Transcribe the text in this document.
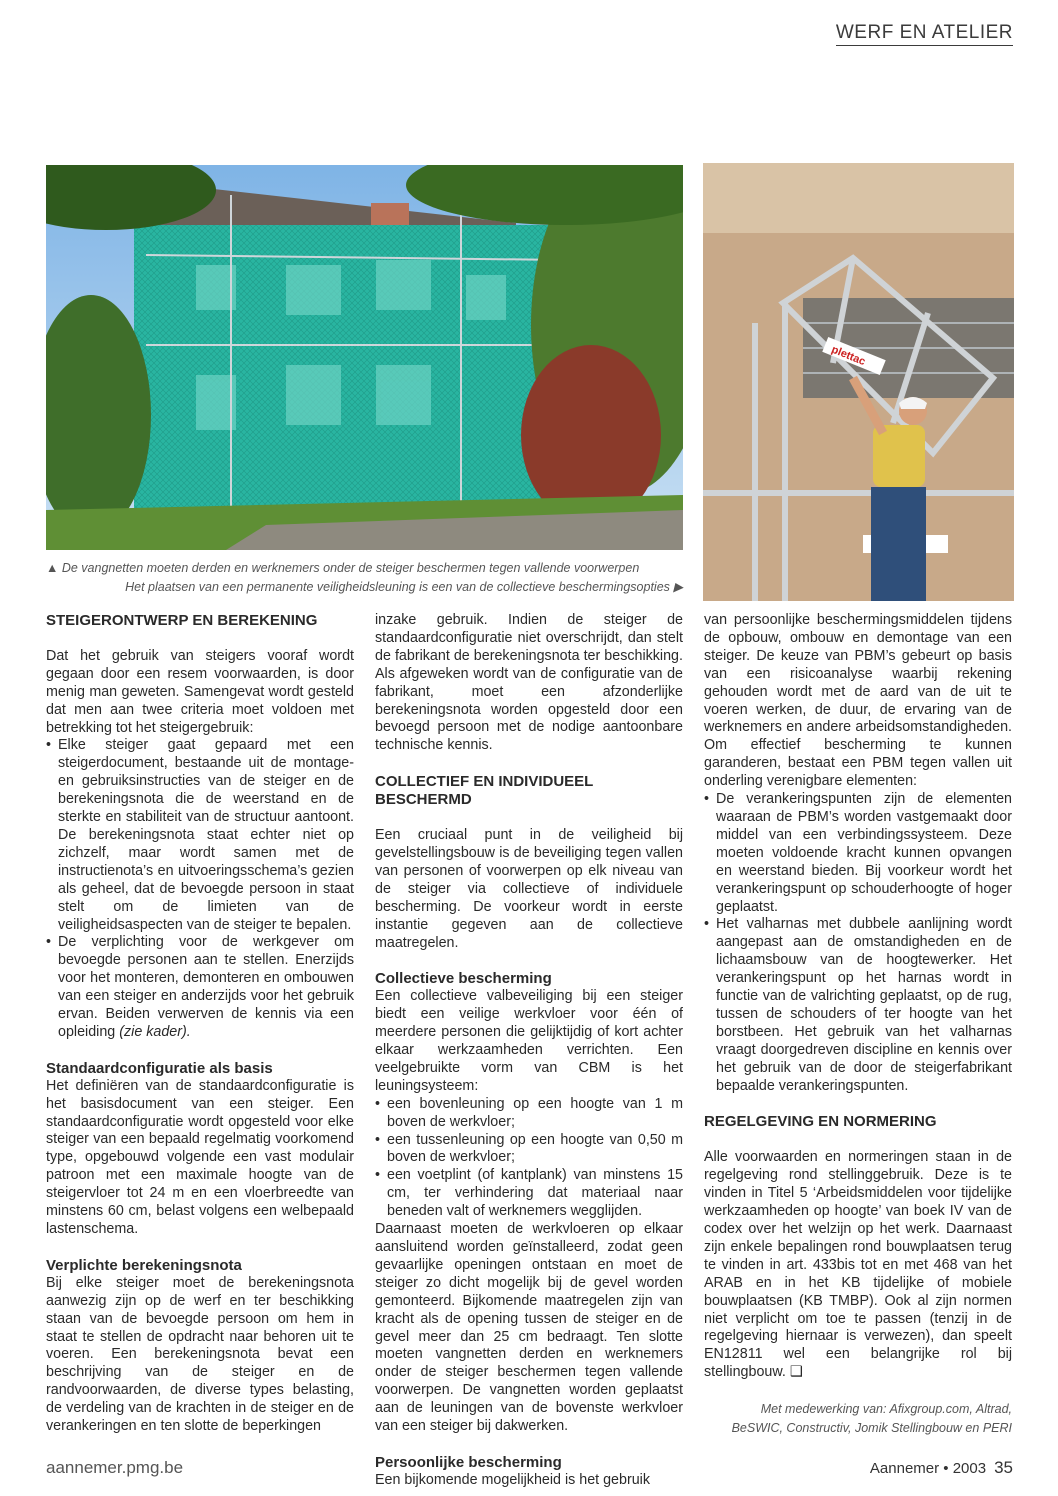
WERF EN ATELIER
plettac
▲ De vangnetten moeten derden en werknemers onder de steiger beschermen tegen vallende voorwerpen
Het plaatsen van een permanente veiligheidsleuning is een van de collectieve beschermingsopties ▶
STEIGERONTWERP EN BEREKENING

Dat het gebruik van steigers vooraf wordt gegaan door een resem voorwaarden, is door menig man geweten. Samengevat wordt gesteld dat men aan twee criteria moet voldoen met betrekking tot het steigergebruik:

• Elke steiger gaat gepaard met een steigerdocument, bestaande uit de montage- en gebruiksinstructies van de steiger en de berekeningsnota die de weerstand en de sterkte en stabiliteit van de structuur aantoont. De berekeningsnota staat echter niet op zichzelf, maar wordt samen met de instructienota’s en uitvoeringsschema’s gezien als geheel, dat de bevoegde persoon in staat stelt om de limieten van de veiligheidsaspecten van de steiger te bepalen.
• De verplichting voor de werkgever om bevoegde personen aan te stellen. Enerzijds voor het monteren, demonteren en ombouwen van een steiger en anderzijds voor het gebruik ervan. Beiden verwerven de kennis via een opleiding (zie kader).
Standaardconfiguratie als basis

Het definiëren van de standaardconfiguratie is het basisdocument van een steiger. Een standaardconfiguratie wordt opgesteld voor elke steiger van een bepaald regelmatig voorkomend type, opgebouwd volgende een vast modulair patroon met een maximale hoogte van de steigervloer tot 24 m en een vloerbreedte van minstens 60 cm, belast volgens een welbepaald lastenschema.

Verplichte berekeningsnota

Bij elke steiger moet de berekeningsnota aanwezig zijn op de werf en ter beschikking staan van de bevoegde persoon om hem in staat te stellen de opdracht naar behoren uit te voeren. Een berekeningsnota bevat een beschrijving van de steiger en de randvoorwaarden, de diverse types belasting, de verdeling van de krachten in de steiger en de verankeringen en ten slotte de beperkingen

inzake gebruik. Indien de steiger de standaardconfiguratie niet overschrijdt, dan stelt de fabrikant de berekeningsnota ter beschikking. Als afgeweken wordt van de configuratie van de fabrikant, moet een afzonderlijke berekeningsnota worden opgesteld door een bevoegd persoon met de nodige aantoonbare technische kennis.

COLLECTIEF EN INDIVIDUEEL BESCHERMD

Een cruciaal punt in de veiligheid bij gevelstellingsbouw is de beveiliging tegen vallen van personen of voorwerpen op elk niveau van de steiger via collectieve of individuele bescherming. De voorkeur wordt in eerste instantie gegeven aan de collectieve maatregelen.

Collectieve bescherming

Een collectieve valbeveiliging bij een steiger biedt een veilige werkvloer voor één of meerdere personen die gelijktijdig of kort achter elkaar werkzaamheden verrichten. Een veelgebruikte vorm van CBM is het leuningsysteem:

• een bovenleuning op een hoogte van 1 m boven de werkvloer;
• een tussenleuning op een hoogte van 0,50 m boven de werkvloer;
• een voetplint (of kantplank) van minstens 15 cm, ter verhindering dat materiaal naar beneden valt of werknemers wegglijden.

Daarnaast moeten de werkvloeren op elkaar aansluitend worden geïnstalleerd, zodat geen gevaarlijke openingen ontstaan en moet de steiger zo dicht mogelijk bij de gevel worden gemonteerd. Bijkomende maatregelen zijn van kracht als de opening tussen de steiger en de gevel meer dan 25 cm bedraagt. Ten slotte moeten vangnetten derden en werknemers onder de steiger beschermen tegen vallende voorwerpen. De vangnetten worden geplaatst aan de leuningen van de bovenste werkvloer van een steiger bij dakwerken.

Persoonlijke bescherming

Een bijkomende mogelijkheid is het gebruik

van persoonlijke beschermingsmiddelen tijdens de opbouw, ombouw en demontage van een steiger. De keuze van PBM’s gebeurt op basis van een risicoanalyse waarbij rekening gehouden wordt met de aard van de uit te voeren werken, de duur, de ervaring van de werknemers en andere arbeidsomstandigheden. Om effectief bescherming te kunnen garanderen, bestaat een PBM tegen vallen uit onderling verenigbare elementen:

• De verankeringspunten zijn de elementen waaraan de PBM’s worden vastgemaakt door middel van een verbindingssysteem. Deze moeten voldoende kracht kunnen opvangen en weerstand bieden. Bij voorkeur wordt het verankeringspunt op schouderhoogte of hoger geplaatst.
• Het valharnas met dubbele aanlijning wordt aangepast aan de omstandigheden en de lichaamsbouw van de hoogtewerker. Het verankeringspunt op het harnas wordt in functie van de valrichting geplaatst, op de rug, tussen de schouders of ter hoogte van het borstbeen. Het gebruik van het valharnas vraagt doorgedreven discipline en kennis over het gebruik van de door de steigerfabrikant bepaalde verankeringspunten.
REGELGEVING EN NORMERING

Alle voorwaarden en normeringen staan in de regelgeving rond stellinggebruik. Deze is te vinden in Titel 5 ‘Arbeidsmiddelen voor tijdelijke werkzaamheden op hoogte’ van boek IV van de codex over het welzijn op het werk. Daarnaast zijn enkele bepalingen rond bouwplaatsen terug te vinden in art. 433bis tot en met 468 van het ARAB en in het KB tijdelijke of mobiele bouwplaatsen (KB TMBP). Ook al zijn normen niet verplicht om toe te passen (tenzij in de regelgeving hiernaar is verwezen), dan speelt EN12811 wel een belangrijke rol bij stellingbouw. ❑

Met medewerking van: Afixgroup.com, Altrad,
BeSWIC, Constructiv, Jomik Stellingbouw en PERI
aannemer.pmg.be	Aannemer • 2003 35
